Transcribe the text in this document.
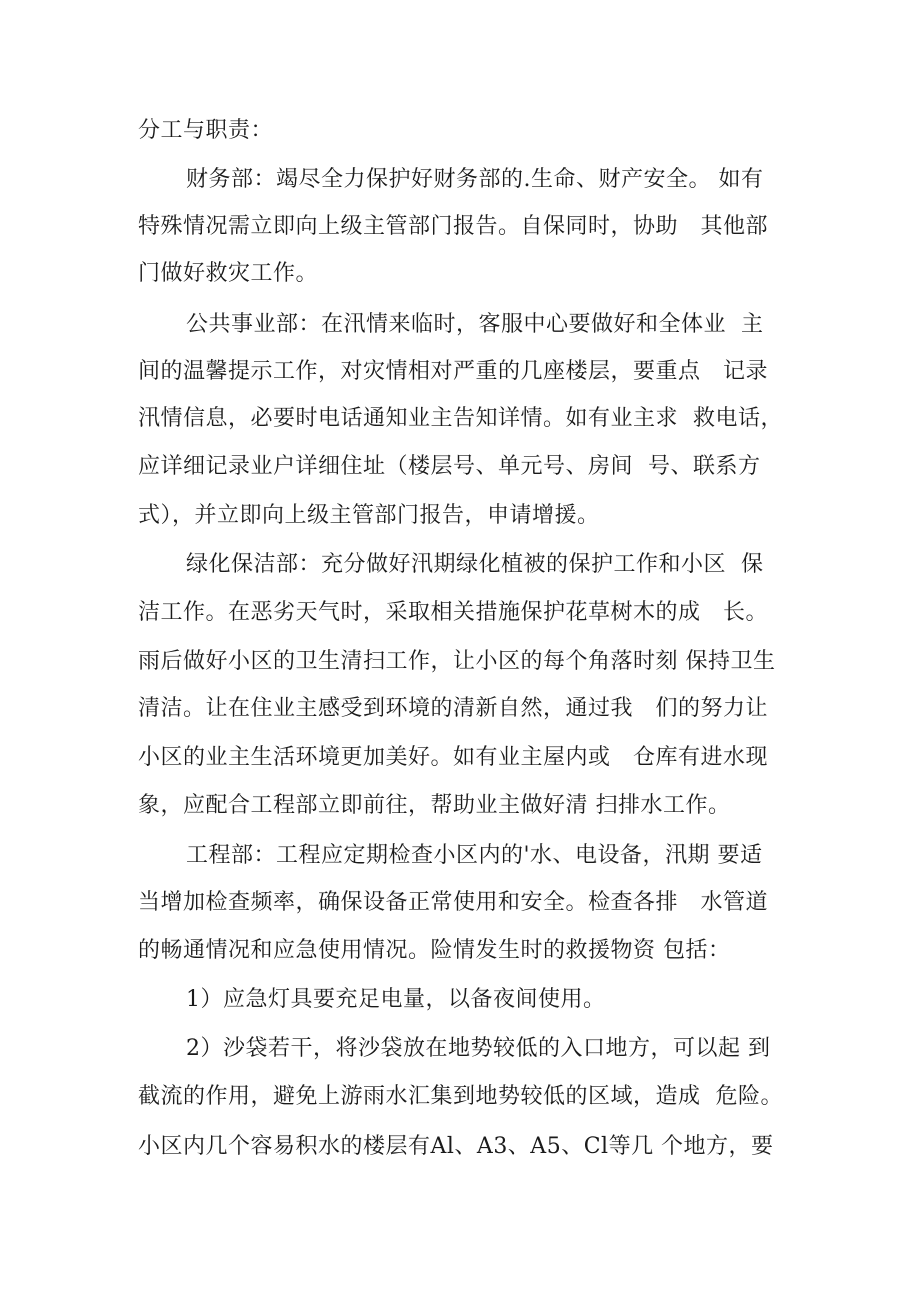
分工与职责：
财务部：竭尽全力保护好财务部的.生命、财产安全。 如有
特殊情况需立即向上级主管部门报告。自保同时，协助   其他部
门做好救灾工作。
公共事业部：在汛情来临时，客服中心要做好和全体业  主
间的温馨提示工作，对灾情相对严重的几座楼层，要重点   记录
汛情信息，必要时电话通知业主告知详情。如有业主求  救电话，
应详细记录业户详细住址（楼层号、单元号、房间  号、联系方
式），并立即向上级主管部门报告，申请增援。
绿化保洁部：充分做好汛期绿化植被的保护工作和小区  保
洁工作。在恶劣天气时，采取相关措施保护花草树木的成   长。
雨后做好小区的卫生清扫工作，让小区的每个角落时刻 保持卫生
清洁。让在住业主感受到环境的清新自然，通过我   们的努力让
小区的业主生活环境更加美好。如有业主屋内或   仓库有进水现
象，应配合工程部立即前往，帮助业主做好清 扫排水工作。
工程部：工程应定期检查小区内的'水、电设备，汛期 要适
当增加检查频率，确保设备正常使用和安全。检查各排   水管道
的畅通情况和应急使用情况。险情发生时的救援物资 包括：
1）应急灯具要充足电量，以备夜间使用。
2）沙袋若干，将沙袋放在地势较低的入口地方，可以起 到
截流的作用，避免上游雨水汇集到地势较低的区域，造成  危险。
小区内几个容易积水的楼层有Al、A3、A5、Cl等几 个地方，要
